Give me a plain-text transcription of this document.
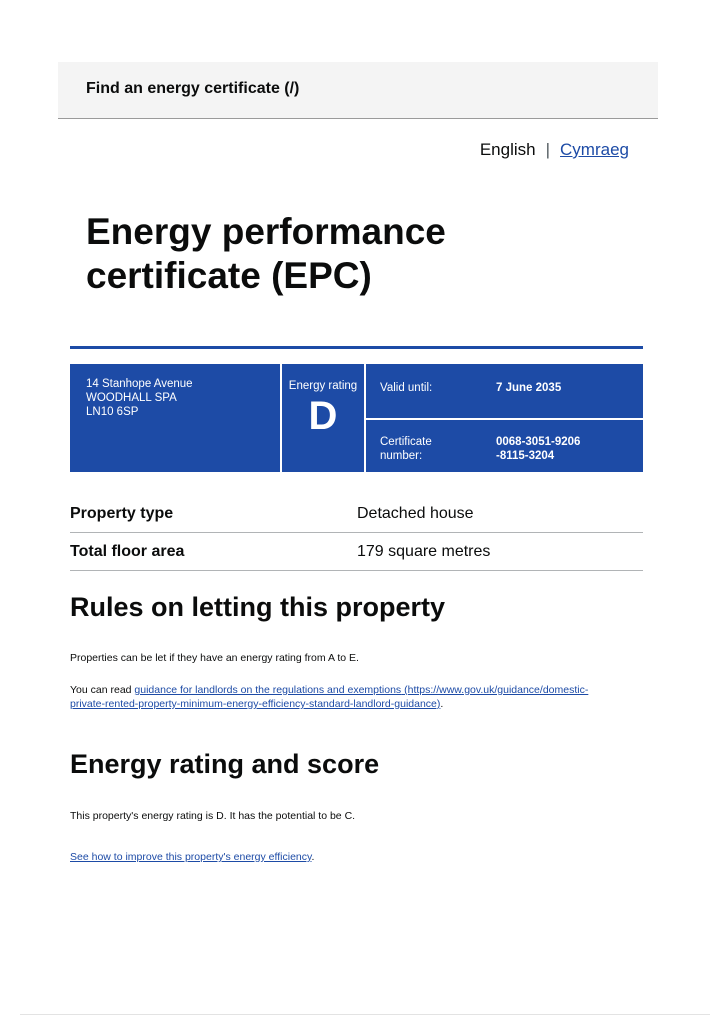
Find an energy certificate (/)
English | Cymraeg
Energy performance certificate (EPC)
14 Stanhope Avenue
WOODHALL SPA
LN10 6SP
Energy rating
D
Valid until:	7 June 2035
Certificate
number:
0068-3051-9206
-8115-3204
Property type	Detached house
Total floor area	179 square metres
Rules on letting this property

Properties can be let if they have an energy rating from A to E.

You can read guidance for landlords on the regulations and exemptions (https://www.gov.uk/guidance/domestic-
private-rented-property-minimum-energy-efficiency-standard-landlord-guidance).

Energy rating and score

This property's energy rating is D. It has the potential to be C.

See how to improve this property's energy efficiency.
